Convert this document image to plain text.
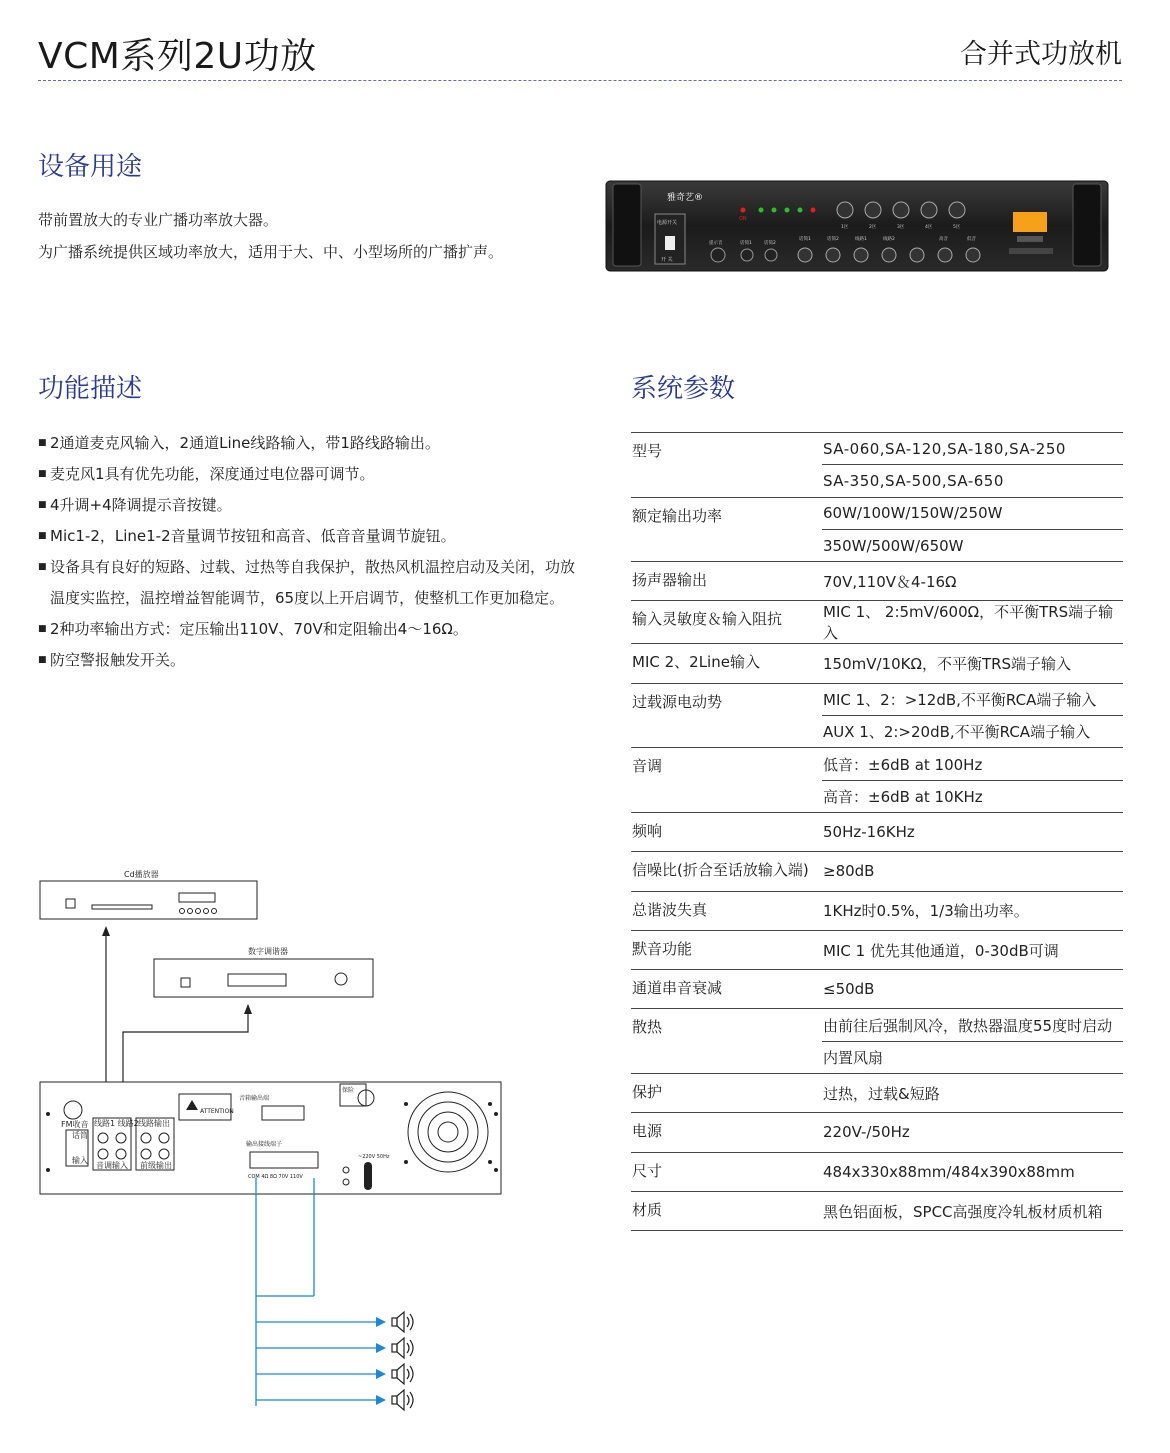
VCM系列2U功放	合并式功放机
设备用途
带前置放大的专业广播功率放大器。
为广播系统提供区域功率放大，适用于大、中、小型场所的广播扩声。
雅奇艺®
电源开关
开 关
ON
1区	2区	3区	4区	5区
提示音	话筒1	话筒2
话筒1	话筒2	线路1	线路2	高音	低音
功能描述
■ 2通道麦克风输入，2通道Line线路输入，带1路线路输出。
■ 麦克风1具有优先功能，深度通过电位器可调节。
■ 4升调+4降调提示音按键。
■ Mic1-2，Line1-2音量调节按钮和高音、低音音量调节旋钮。
■ 设备具有良好的短路、过载、过热等自我保护，散热风机温控启动及关闭，功放温度实监控，温控增益智能调节，65度以上开启调节，使整机工作更加稳定。
■ 2种功率输出方式：定压输出110V、70V和定阻输出4～16Ω。
■ 防空警报触发开关。
系统参数
型号	SA-060,SA-120,SA-180,SA-250
	SA-350,SA-500,SA-650
额定输出功率	60W/100W/150W/250W
	350W/500W/650W
扬声器输出	70V,110V＆4-16Ω
输入灵敏度＆输入阻抗	MIC 1、 2:5mV/600Ω，不平衡TRS端子输入
MIC 2、2Line输入	150mV/10KΩ，不平衡TRS端子输入
过载源电动势	MIC 1、2：>12dB,不平衡RCA端子输入
	AUX 1、2:>20dB,不平衡RCA端子输入
音调	低音：±6dB at 100Hz
	高音：±6dB at 10KHz
频响	50Hz-16KHz
信噪比(折合至话放输入端)	≥80dB
总谐波失真	1KHz时0.5%，1/3输出功率。
默音功能	MIC 1 优先其他通道，0-30dB可调
通道串音衰减	≤50dB
散热	由前往后强制风冷，散热器温度55度时启动
	内置风扇
保护	过热，过载&短路
电源	220V-/50Hz
尺寸	484x330x88mm/484x390x88mm
材质	黑色铝面板，SPCC高强度冷轧板材质机箱
Cd播放器
数字调谐器
FM收音
话筒
输入
线路1 线路2
音调输入
线路输出
前级输出
ATTENTION
音箱输出端
输出接线端子
COM 4Ω 8Ω 70V 110V
保险
~220V 50Hz
